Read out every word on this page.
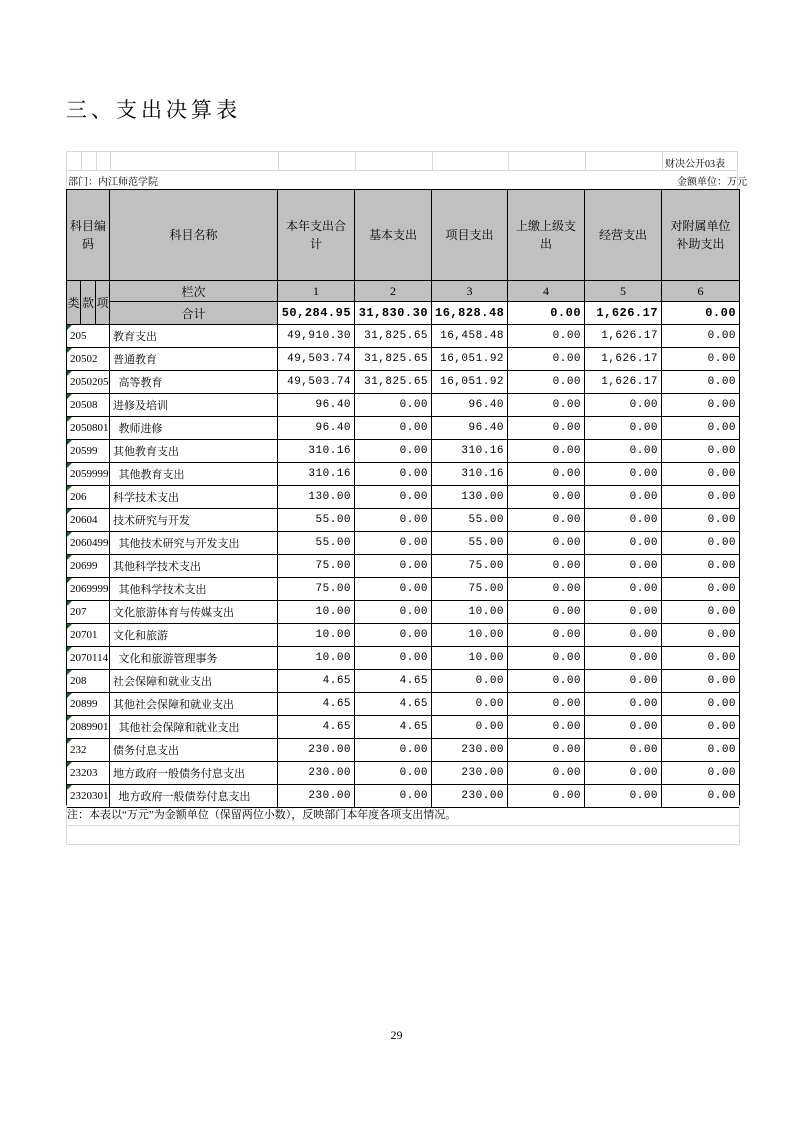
三、支出决算表
财决公开03表
部门：内江师范学院	金额单位：万元
科目编码			科目名称	本年支出合计	基本支出	项目支出	上缴上级支出	经营支出	对附属单位补助支出
类	款	项	栏次	1	2	3	4	5	6
			合计	50,284.95	31,830.30	16,828.48	0.00	1,626.17	0.00
205			教育支出	49,910.30	31,825.65	16,458.48	0.00	1,626.17	0.00
20502			普通教育	49,503.74	31,825.65	16,051.92	0.00	1,626.17	0.00
2050205			高等教育	49,503.74	31,825.65	16,051.92	0.00	1,626.17	0.00
20508			进修及培训	96.40	0.00	96.40	0.00	0.00	0.00
2050801			教师进修	96.40	0.00	96.40	0.00	0.00	0.00
20599			其他教育支出	310.16	0.00	310.16	0.00	0.00	0.00
2059999			其他教育支出	310.16	0.00	310.16	0.00	0.00	0.00
206			科学技术支出	130.00	0.00	130.00	0.00	0.00	0.00
20604			技术研究与开发	55.00	0.00	55.00	0.00	0.00	0.00
2060499			其他技术研究与开发支出	55.00	0.00	55.00	0.00	0.00	0.00
20699			其他科学技术支出	75.00	0.00	75.00	0.00	0.00	0.00
2069999			其他科学技术支出	75.00	0.00	75.00	0.00	0.00	0.00
207			文化旅游体育与传媒支出	10.00	0.00	10.00	0.00	0.00	0.00
20701			文化和旅游	10.00	0.00	10.00	0.00	0.00	0.00
2070114			文化和旅游管理事务	10.00	0.00	10.00	0.00	0.00	0.00
208			社会保障和就业支出	4.65	4.65	0.00	0.00	0.00	0.00
20899			其他社会保障和就业支出	4.65	4.65	0.00	0.00	0.00	0.00
2089901			其他社会保障和就业支出	4.65	4.65	0.00	0.00	0.00	0.00
232			债务付息支出	230.00	0.00	230.00	0.00	0.00	0.00
23203			地方政府一般债务付息支出	230.00	0.00	230.00	0.00	0.00	0.00
2320301			地方政府一般债券付息支出	230.00	0.00	230.00	0.00	0.00	0.00
注：本表以“万元”为金额单位（保留两位小数），反映部门本年度各项支出情况。
29
